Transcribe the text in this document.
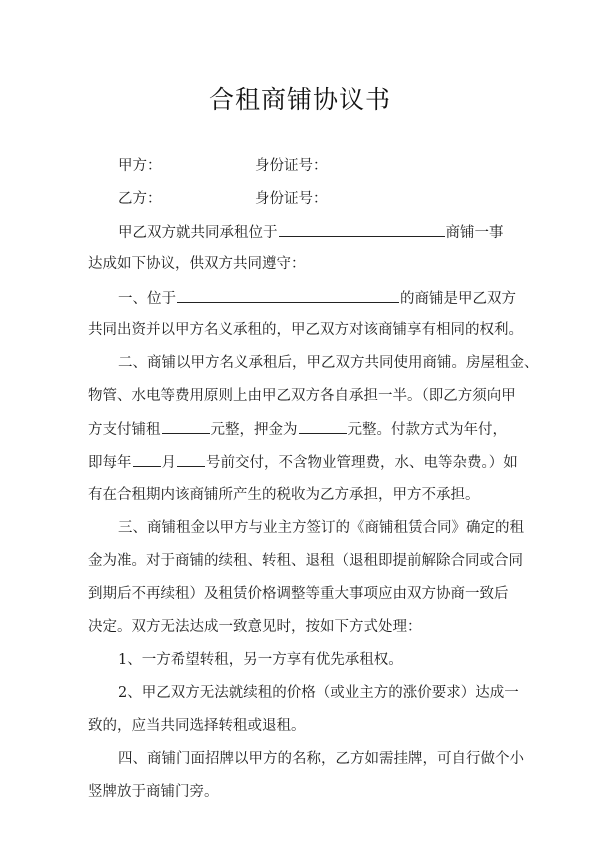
合租商铺协议书
甲方：	身份证号：
乙方：	身份证号：
甲乙双方就共同承租位于	商铺一事
达成如下协议，供双方共同遵守：
一、位于	的商铺是甲乙双方
共同出资并以甲方名义承租的，甲乙双方对该商铺享有相同的权利。
二、商铺以甲方名义承租后，甲乙双方共同使用商铺。房屋租金、
物管、水电等费用原则上由甲乙双方各自承担一半。（即乙方须向甲
方支付铺租	元整，押金为	元整。付款方式为年付，
即每年 月 号前交付，不含物业管理费，水、电等杂费。）如
有在合租期内该商铺所产生的税收为乙方承担，甲方不承担。
三、商铺租金以甲方与业主方签订的《商铺租赁合同》确定的租
金为准。对于商铺的续租、转租、退租（退租即提前解除合同或合同
到期后不再续租）及租赁价格调整等重大事项应由双方协商一致后
决定。双方无法达成一致意见时，按如下方式处理：
1、一方希望转租，另一方享有优先承租权。
2、甲乙双方无法就续租的价格（或业主方的涨价要求）达成一
致的，应当共同选择转租或退租。
四、商铺门面招牌以甲方的名称，乙方如需挂牌，可自行做个小
竖牌放于商铺门旁。
